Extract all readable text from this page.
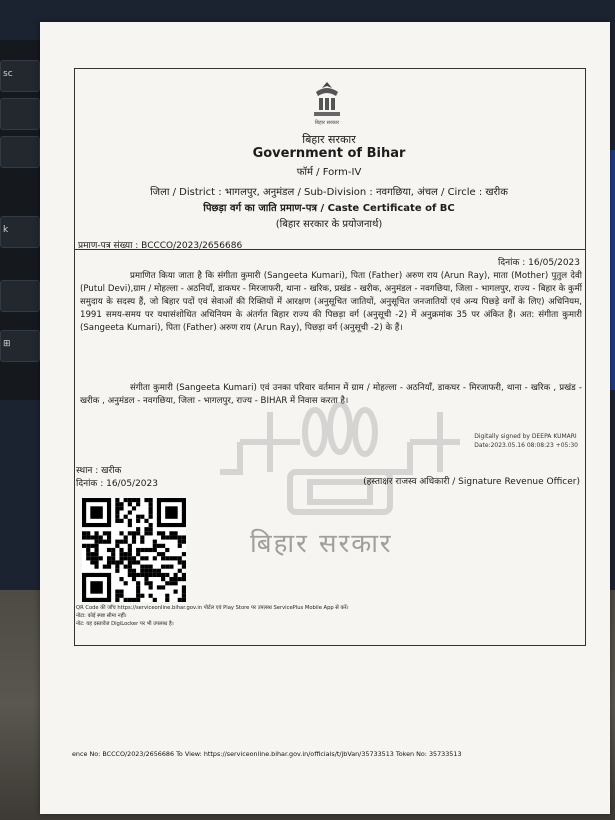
sc
k
⊞
बिहार सरकार
बिहार सरकार
Government of Bihar
फॉर्म / Form-IV
जिला / District : भागलपुर, अनुमंडल / Sub-Division : नवगछिया, अंचल / Circle : खरीक
पिछड़ा वर्ग का जाति प्रमाण-पत्र / Caste Certificate of BC
(बिहार सरकार के प्रयोजनार्थ)
प्रमाण-पत्र संख्या : BCCCO/2023/2656686
दिनांक : 16/05/2023
प्रमाणित किया जाता है कि संगीता कुमारी (Sangeeta Kumari), पिता (Father) अरुण राय (Arun Ray), माता (Mother) पुतुल देवी (Putul Devi),ग्राम / मोहल्ला - अठनियाँ, डाकघर - मिरजाफरी, थाना - खरिक, प्रखंड - खरीक, अनुमंडल - नवगछिया, जिला - भागलपुर, राज्य - बिहार के कुर्मी समुदाय के सदस्य हैं, जो बिहार पदों एवं सेवाओं की रिक्तियों में आरक्षण (अनुसूचित जातियों, अनुसूचित जनजातियों एवं अन्य पिछड़े वर्गों के लिए) अधिनियम, 1991 समय-समय पर यथासंशोधित अधिनियम के अंतर्गत बिहार राज्य की पिछड़ा वर्ग (अनुसूची -2) में अनुक्रमांक 35 पर अंकित हैं। अत: संगीता कुमारी (Sangeeta Kumari), पिता (Father) अरुण राय (Arun Ray), पिछड़ा वर्ग (अनुसूची -2) के हैं।
संगीता कुमारी (Sangeeta Kumari) एवं उनका परिवार वर्तमान में ग्राम / मोहल्ला - अठनियाँ, डाकघर - मिरजाफरी, थाना - खरिक , प्रखंड - खरीक , अनुमंडल - नवगछिया, जिला - भागलपुर, राज्य - BIHAR में निवास करता है।
बिहार सरकार
Digitally signed by DEEPA KUMARI
Date:2023.05.16 08:08:23 +05:30
स्थान : खरीक
दिनांक : 16/05/2023	(हस्ताक्षर राजस्व अधिकारी / Signature Revenue Officer)
QR Code की जाँच https://serviceonline.bihar.gov.in पोर्टल एवं Play Store पर उपलब्ध ServicePlus Mobile App से करें।
नोटा: कोई स्पष्ट सीमा नहीं।
नोट: यह दस्तावेज DigiLocker पर भी उपलब्ध है।
ence No: BCCCO/2023/2656686 To View: https://serviceonline.bihar.gov.in/officials/t/jbVan/35733513 Token No: 35733513
